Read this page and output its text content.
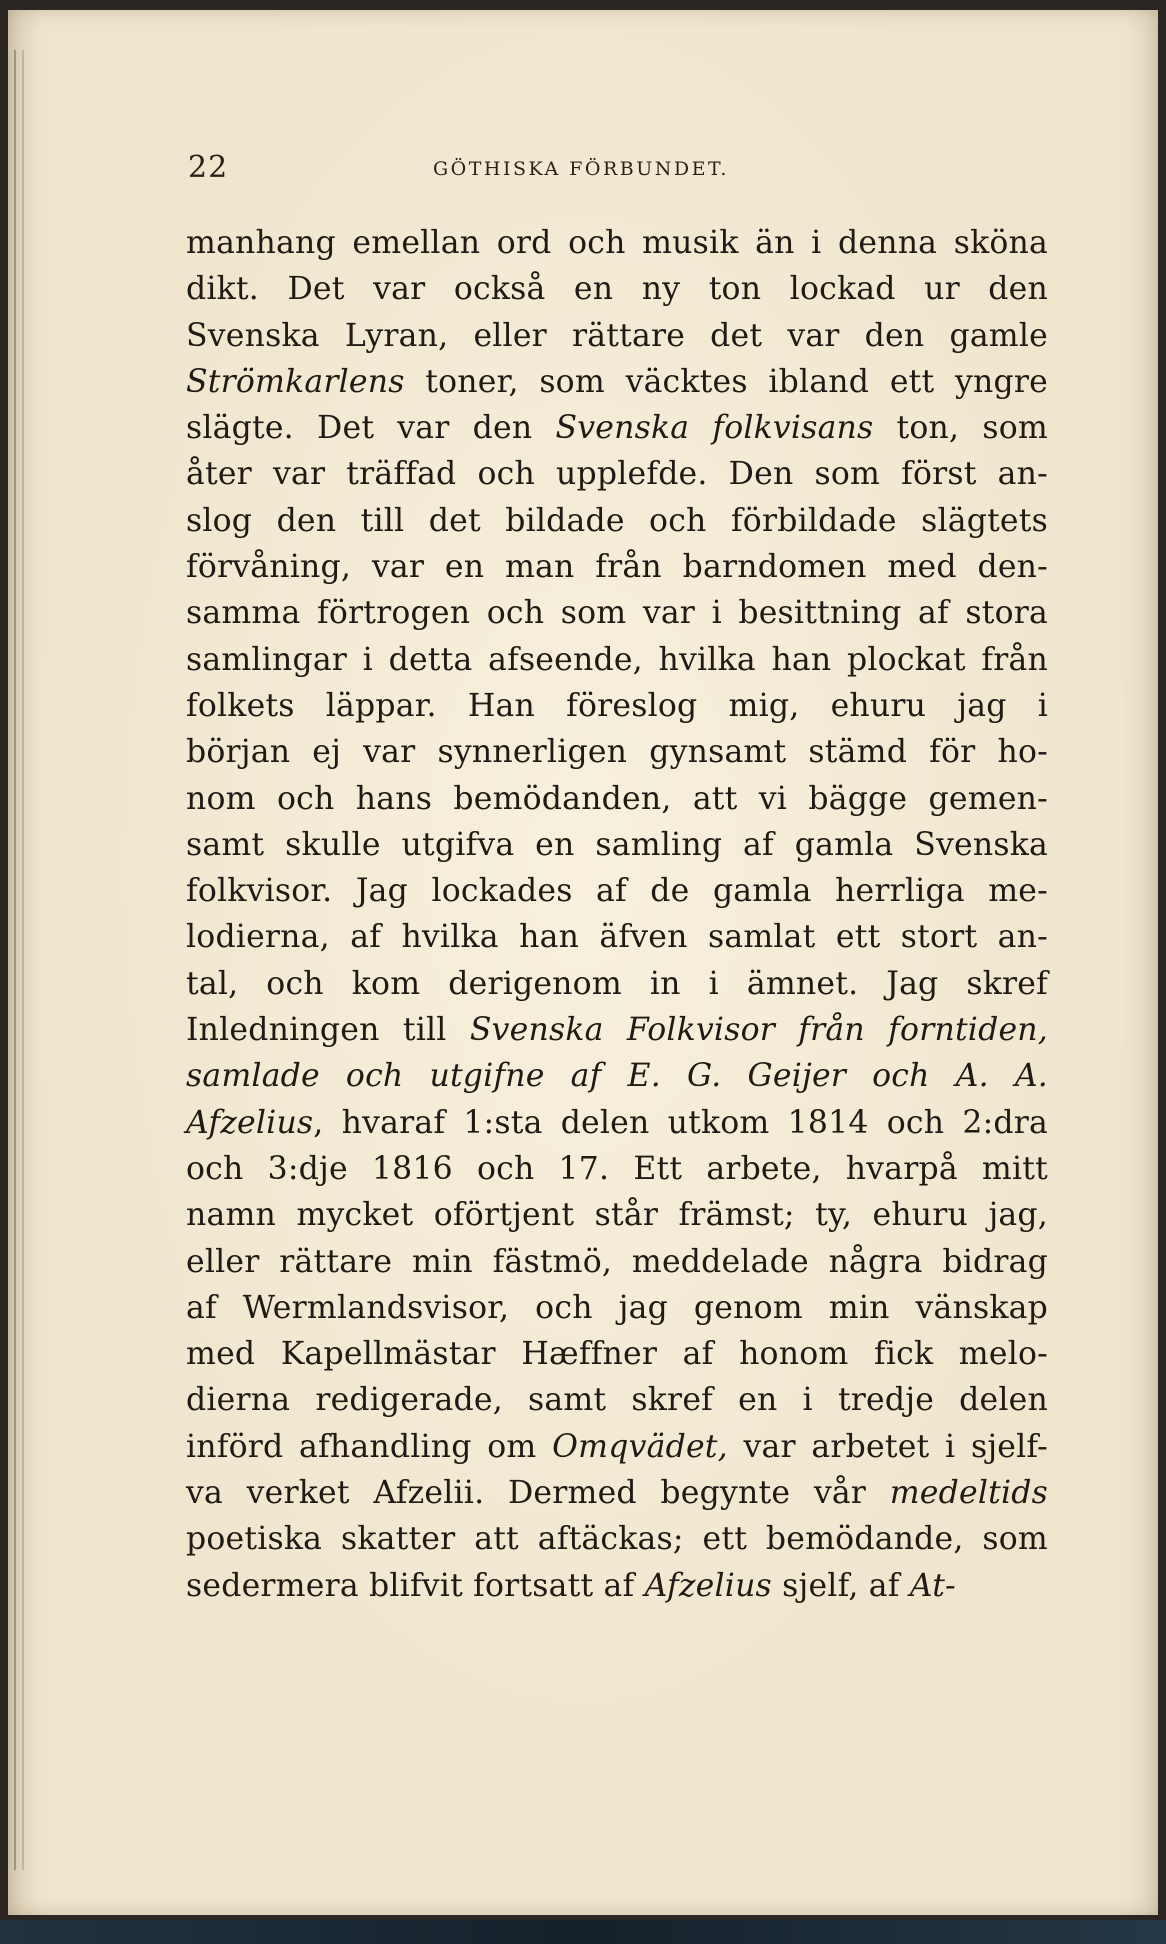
22	GÖTHISKA FÖRBUNDET.
manhang emellan ord och musik än i denna sköna
dikt. Det var också en ny ton lockad ur den
Svenska Lyran, eller rättare det var den gamle
Strömkarlens toner, som väcktes ibland ett yngre
slägte. Det var den Svenska folkvisans ton, som
åter var träffad och upplefde. Den som först an-
slog den till det bildade och förbildade slägtets
förvåning, var en man från barndomen med den-
samma förtrogen och som var i besittning af stora
samlingar i detta afseende, hvilka han plockat från
folkets läppar. Han föreslog mig, ehuru jag i
början ej var synnerligen gynsamt stämd för ho-
nom och hans bemödanden, att vi bägge gemen-
samt skulle utgifva en samling af gamla Svenska
folkvisor. Jag lockades af de gamla herrliga me-
lodierna, af hvilka han äfven samlat ett stort an-
tal, och kom derigenom in i ämnet. Jag skref
Inledningen till Svenska Folkvisor från forntiden,
samlade och utgifne af E. G. Geijer och A. A.
Afzelius, hvaraf 1:sta delen utkom 1814 och 2:dra
och 3:dje 1816 och 17. Ett arbete, hvarpå mitt
namn mycket oförtjent står främst; ty, ehuru jag,
eller rättare min fästmö, meddelade några bidrag
af Wermlandsvisor, och jag genom min vänskap
med Kapellmästar Hæffner af honom fick melo-
dierna redigerade, samt skref en i tredje delen
införd afhandling om Omqvädet, var arbetet i sjelf-
va verket Afzelii. Dermed begynte vår medeltids
poetiska skatter att aftäckas; ett bemödande, som
sedermera blifvit fortsatt af Afzelius sjelf, af At-
